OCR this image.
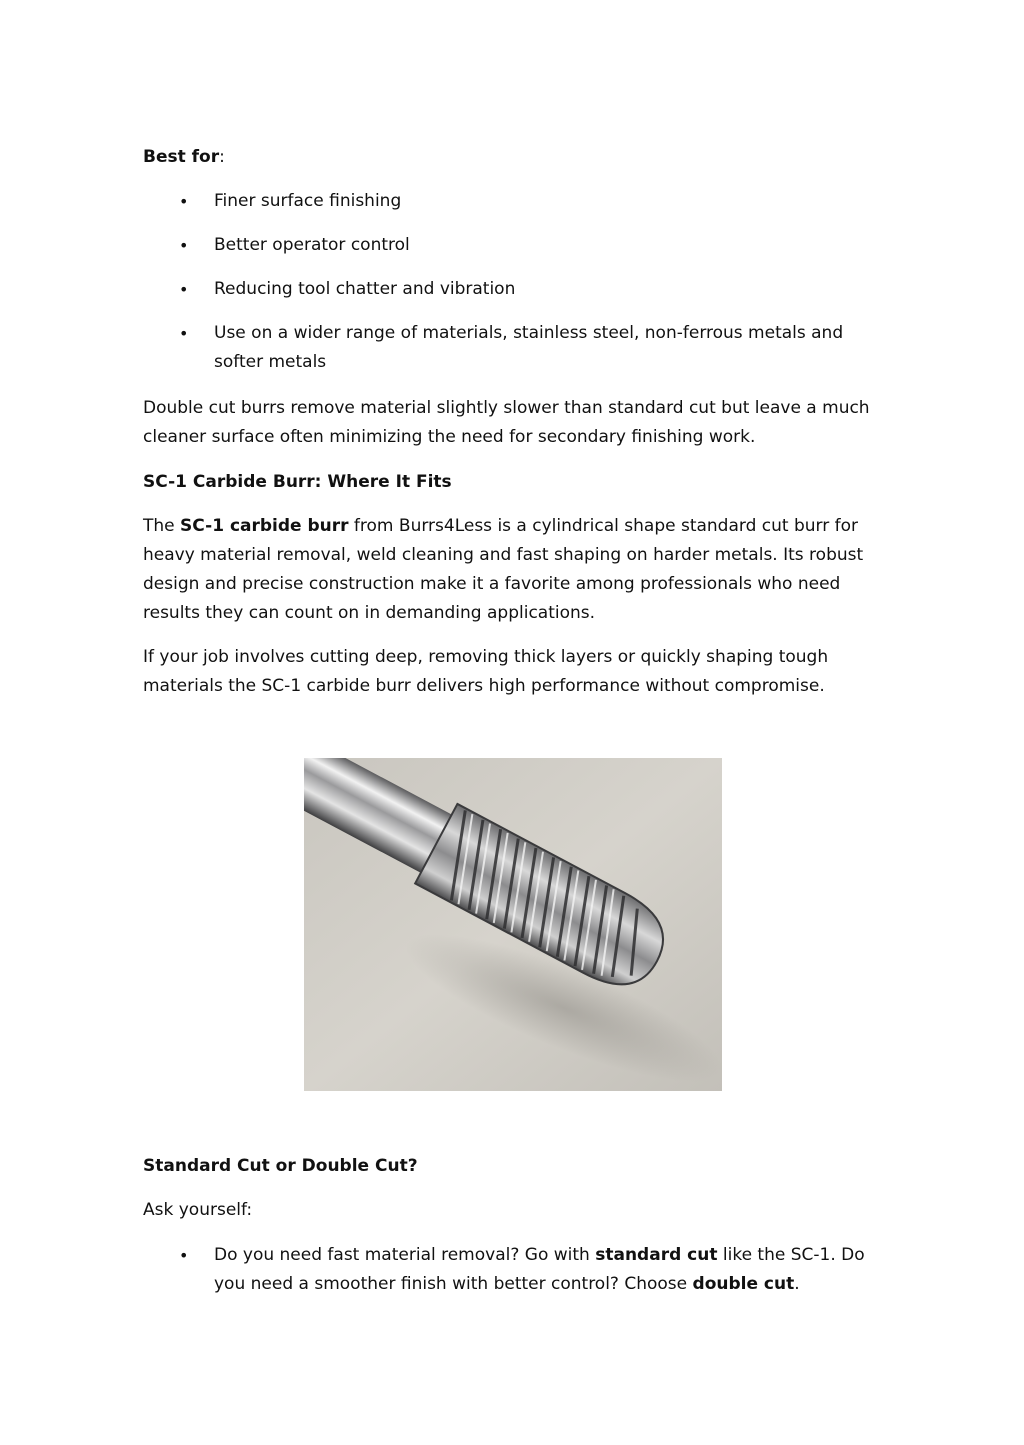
Best for:

• Finer surface finishing
• Better operator control
• Reducing tool chatter and vibration
• Use on a wider range of materials, stainless steel, non-ferrous metals and softer metals

Double cut burrs remove material slightly slower than standard cut but leave a much cleaner surface often minimizing the need for secondary finishing work.

SC-1 Carbide Burr: Where It Fits

The SC-1 carbide burr from Burrs4Less is a cylindrical shape standard cut burr for heavy material removal, weld cleaning and fast shaping on harder metals. Its robust design and precise construction make it a favorite among professionals who need results they can count on in demanding applications.

If your job involves cutting deep, removing thick layers or quickly shaping tough materials the SC-1 carbide burr delivers high performance without compromise.

Standard Cut or Double Cut?

Ask yourself:

• Do you need fast material removal? Go with standard cut like the SC-1. Do you need a smoother finish with better control? Choose double cut.
